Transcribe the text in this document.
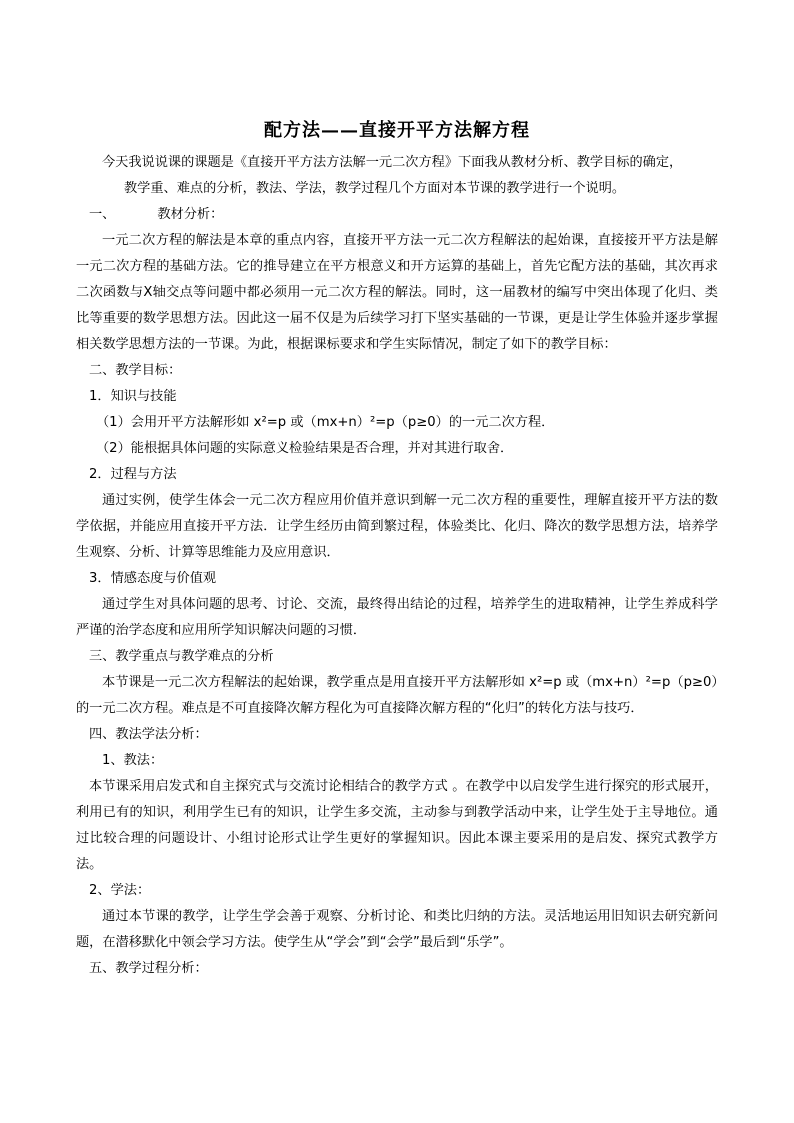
配方法——直接开平方法解方程
今天我说说课的课题是《直接开平方法方法解一元二次方程》下面我从教材分析、教学目标的确定，
教学重、难点的分析，教法、学法，教学过程几个方面对本节课的教学进行一个说明。
一、	教材分析：
一元二次方程的解法是本章的重点内容，直接开平方法一元二次方程解法的起始课，直接接开平方法是解一元二次方程的基础方法。它的推导建立在平方根意义和开方运算的基础上，首先它配方法的基础，其次再求二次函数与X轴交点等问题中都必须用一元二次方程的解法。同时，这一届教材的编写中突出体现了化归、类比等重要的数学思想方法。因此这一届不仅是为后续学习打下坚实基础的一节课，更是让学生体验并逐步掌握相关数学思想方法的一节课。为此，根据课标要求和学生实际情况，制定了如下的教学目标：
二、教学目标：
1．知识与技能
（1）会用开平方法解形如 x²=p 或（mx+n）²=p（p≥0）的一元二次方程．
（2）能根据具体问题的实际意义检验结果是否合理，并对其进行取舍．
2．过程与方法
通过实例，使学生体会一元二次方程应用价值并意识到解一元二次方程的重要性，理解直接开平方法的数学依据，并能应用直接开平方法．让学生经历由简到繁过程，体验类比、化归、降次的数学思想方法，培养学生观察、分析、计算等思维能力及应用意识．
3．情感态度与价值观
通过学生对具体问题的思考、讨论、交流，最终得出结论的过程，培养学生的进取精神，让学生养成科学严谨的治学态度和应用所学知识解决问题的习惯．
三、教学重点与教学难点的分析
本节课是一元二次方程解法的起始课，教学重点是用直接开平方法解形如 x²=p 或（mx+n）²=p（p≥0）的一元二次方程。难点是不可直接降次解方程化为可直接降次解方程的“化归”的转化方法与技巧．
四、教法学法分析：
1、教法：
本节课采用启发式和自主探究式与交流讨论相结合的教学方式 。在教学中以启发学生进行探究的形式展开，利用已有的知识，利用学生已有的知识，让学生多交流，主动参与到教学活动中来，让学生处于主导地位。通过比较合理的问题设计、小组讨论形式让学生更好的掌握知识。因此本课主要采用的是启发、探究式教学方法。
2、学法：
通过本节课的教学，让学生学会善于观察、分析讨论、和类比归纳的方法。灵活地运用旧知识去研究新问题，在潜移默化中领会学习方法。使学生从“学会”到“会学”最后到“乐学”。
五、教学过程分析：
